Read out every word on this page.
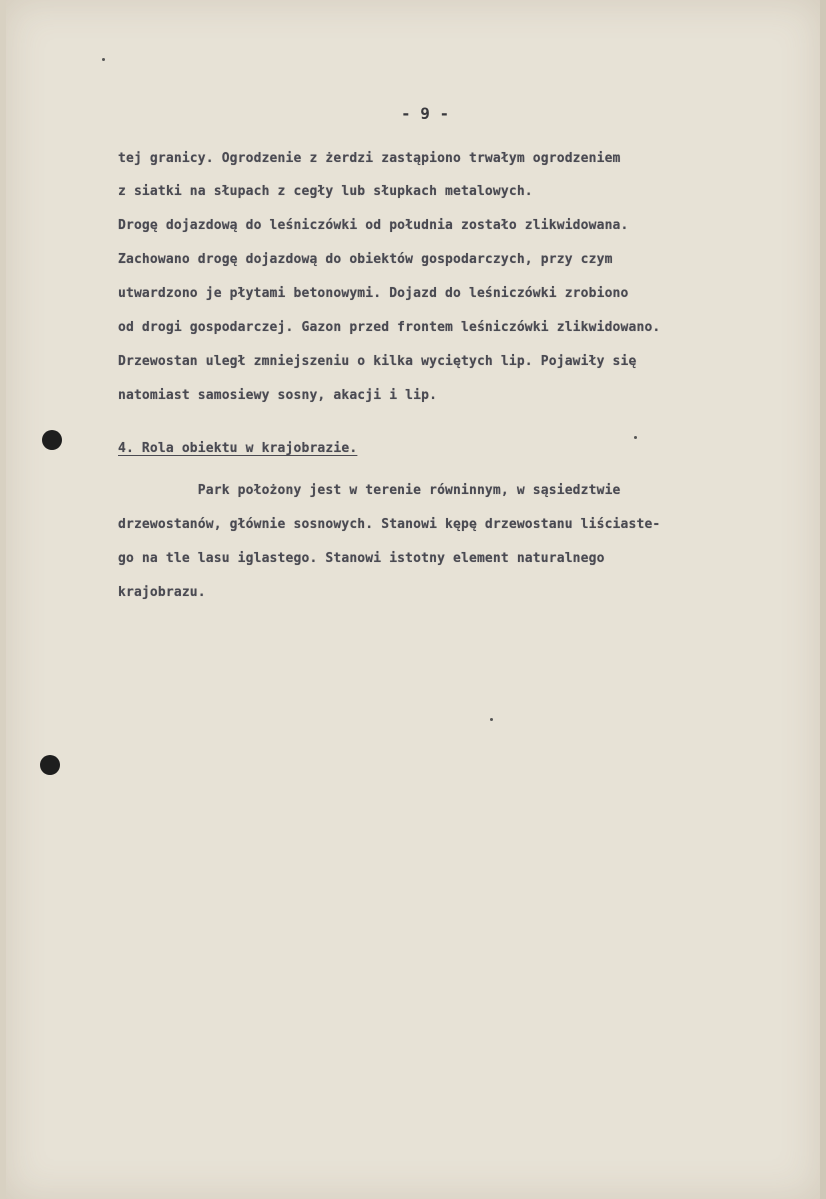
- 9 -
tej granicy. Ogrodzenie z żerdzi zastąpiono trwałym ogrodzeniem
z siatki na słupach z cegły lub słupkach metalowych.
Drogę dojazdową do leśniczówki od południa zostało zlikwidowana.
Zachowano drogę dojazdową do obiektów gospodarczych, przy czym
utwardzono je płytami betonowymi. Dojazd do leśniczówki zrobiono
od drogi gospodarczej. Gazon przed frontem leśniczówki zlikwidowano.
Drzewostan uległ zmniejszeniu o kilka wyciętych lip. Pojawiły się
natomiast samosiewy sosny, akacji i lip.
4. Rola obiektu w krajobrazie.
Park położony jest w terenie równinnym, w sąsiedztwie
drzewostanów, głównie sosnowych. Stanowi kępę drzewostanu liściaste-
go na tle lasu iglastego. Stanowi istotny element naturalnego
krajobrazu.
